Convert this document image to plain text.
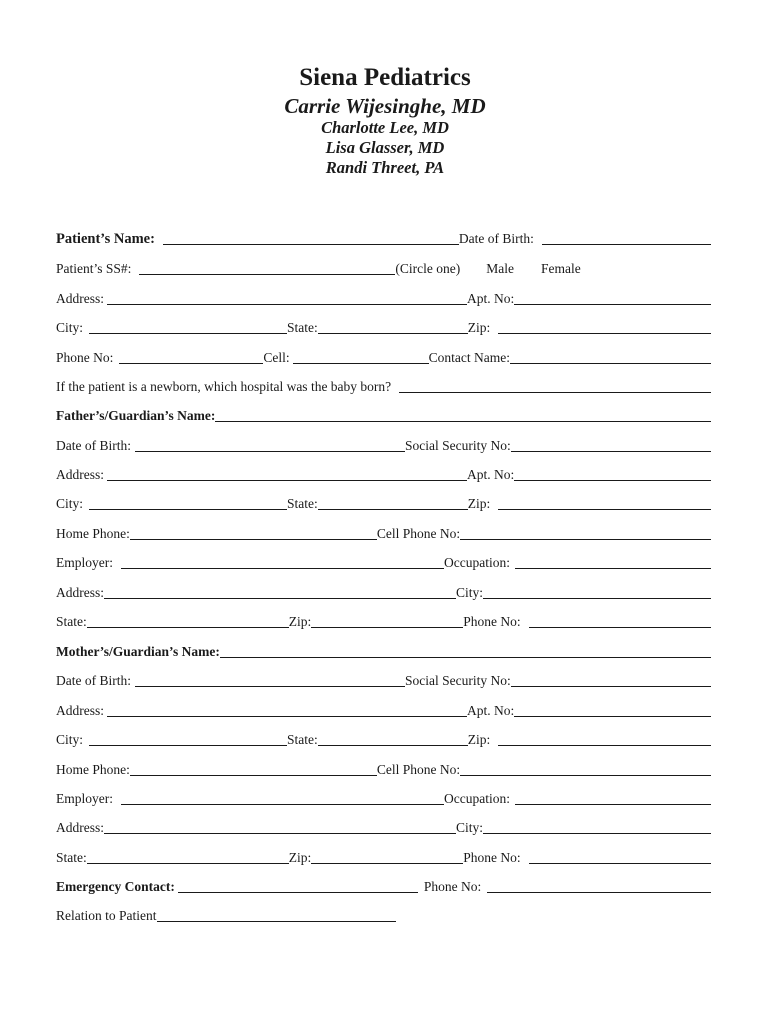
Siena Pediatrics
Carrie Wijesinghe, MD
Charlotte Lee, MD
Lisa Glasser, MD
Randi Threet, PA
Patient’s Name:	Date of Birth:
Patient’s SS#:	(Circle one) Male Female
Address:	Apt. No:
City:	State:	Zip:
Phone No:	Cell:	Contact Name:
If the patient is a newborn, which hospital was the baby born?
Father’s/Guardian’s Name:
Date of Birth:	Social Security No:
Address:	Apt. No:
City:	State:	Zip:
Home Phone:	Cell Phone No:
Employer:	Occupation:
Address:	City:
State:	Zip:	Phone No:
Mother’s/Guardian’s Name:
Date of Birth:	Social Security No:
Address:	Apt. No:
City:	State:	Zip:
Home Phone:	Cell Phone No:
Employer:	Occupation:
Address:	City:
State:	Zip:	Phone No:
Emergency Contact:	Phone No:
Relation to Patient
